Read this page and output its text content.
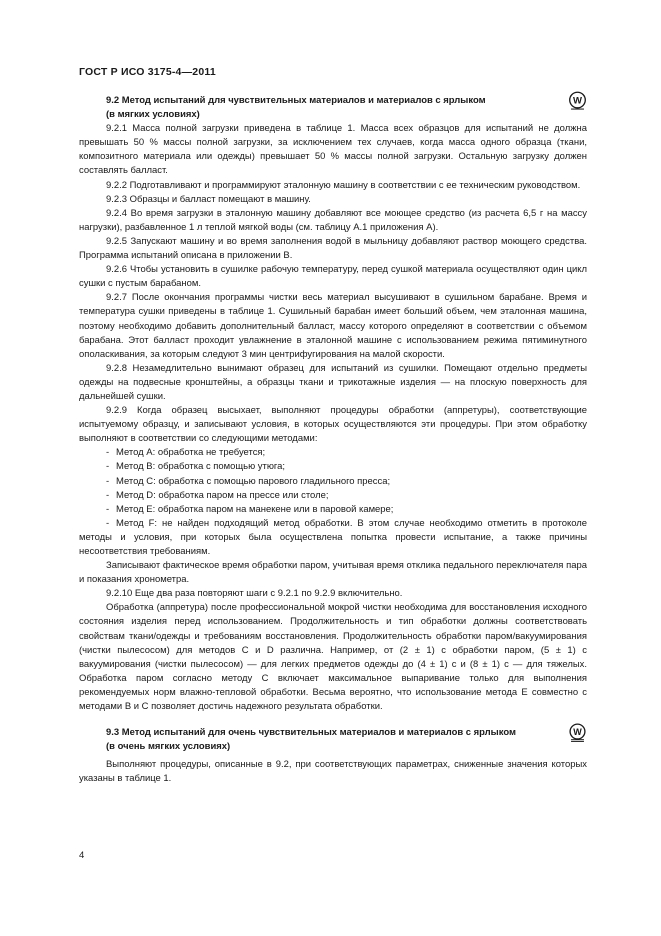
ГОСТ Р ИСО 3175-4—2011

9.2 Метод испытаний для чувствительных материалов и материалов с ярлыком
(в мягких условиях)
W

9.2.1 Масса полной загрузки приведена в таблице 1. Масса всех образцов для испытаний не должна превышать 50 % массы полной загрузки, за исключением тех случаев, когда масса одного образца (ткани, композитного материала или одежды) превышает 50 % массы полной загрузки. Остальную загрузку должен составлять балласт.

9.2.2 Подготавливают и программируют эталонную машину в соответствии с ее техническим руководством.

9.2.3 Образцы и балласт помещают в машину.

9.2.4 Во время загрузки в эталонную машину добавляют все моющее средство (из расчета 6,5 г на массу нагрузки), разбавленное 1 л теплой мягкой воды (см. таблицу А.1 приложения А).

9.2.5 Запускают машину и во время заполнения водой в мыльницу добавляют раствор моющего средства. Программа испытаний описана в приложении В.

9.2.6 Чтобы установить в сушилке рабочую температуру, перед сушкой материала осуществляют один цикл сушки с пустым барабаном.

9.2.7 После окончания программы чистки весь материал высушивают в сушильном барабане. Время и температура сушки приведены в таблице 1. Сушильный барабан имеет больший объем, чем эталонная машина, поэтому необходимо добавить дополнительный балласт, массу которого определяют в соответствии с объемом барабана. Этот балласт проходит увлажнение в эталонной машине с использованием режима пятиминутного ополаскивания, за которым следуют 3 мин центрифугирования на малой скорости.

9.2.8 Незамедлительно вынимают образец для испытаний из сушилки. Помещают отдельно предметы одежды на подвесные кронштейны, а образцы ткани и трикотажные изделия — на плоскую поверхность для дальнейшей сушки.

9.2.9 Когда образец высыхает, выполняют процедуры обработки (аппретуры), соответствующие испытуемому образцу, и записывают условия, в которых осуществляются эти процедуры. При этом обработку выполняют в соответствии со следующими методами:

- Метод А: обработка не требуется;

- Метод В: обработка с помощью утюга;

- Метод С: обработка с помощью парового гладильного пресса;

- Метод D: обработка паром на прессе или столе;

- Метод Е: обработка паром на манекене или в паровой камере;

- Метод F: не найден подходящий метод обработки. В этом случае необходимо отметить в протоколе методы и условия, при которых была осуществлена попытка провести испытание, а также причины несоответствия требованиям.

Записывают фактическое время обработки паром, учитывая время отклика педального переключателя пара и показания хронометра.

9.2.10 Еще два раза повторяют шаги с 9.2.1 по 9.2.9 включительно.

Обработка (аппретура) после профессиональной мокрой чистки необходима для восстановления исходного состояния изделия перед использованием. Продолжительность и тип обработки должны соответствовать свойствам ткани/одежды и требованиям восстановления. Продолжительность обработки паром/вакуумирования (чистки пылесосом) для методов С и D различна. Например, от (2 ± 1) с обработки паром, (5 ± 1) с вакуумирования (чистки пылесосом) — для легких предметов одежды до (4 ± 1) с и (8 ± 1) с — для тяжелых. Обработка паром согласно методу С включает максимальное выпаривание только для выполнения рекомендуемых норм влажно-тепловой обработки. Весьма вероятно, что использование метода Е совместно с методами В и С позволяет достичь надежного результата обработки.

9.3 Метод испытаний для очень чувствительных материалов и материалов с ярлыком
(в очень мягких условиях)
W

Выполняют процедуры, описанные в 9.2, при соответствующих параметрах, сниженные значения которых указаны в таблице 1.

4
